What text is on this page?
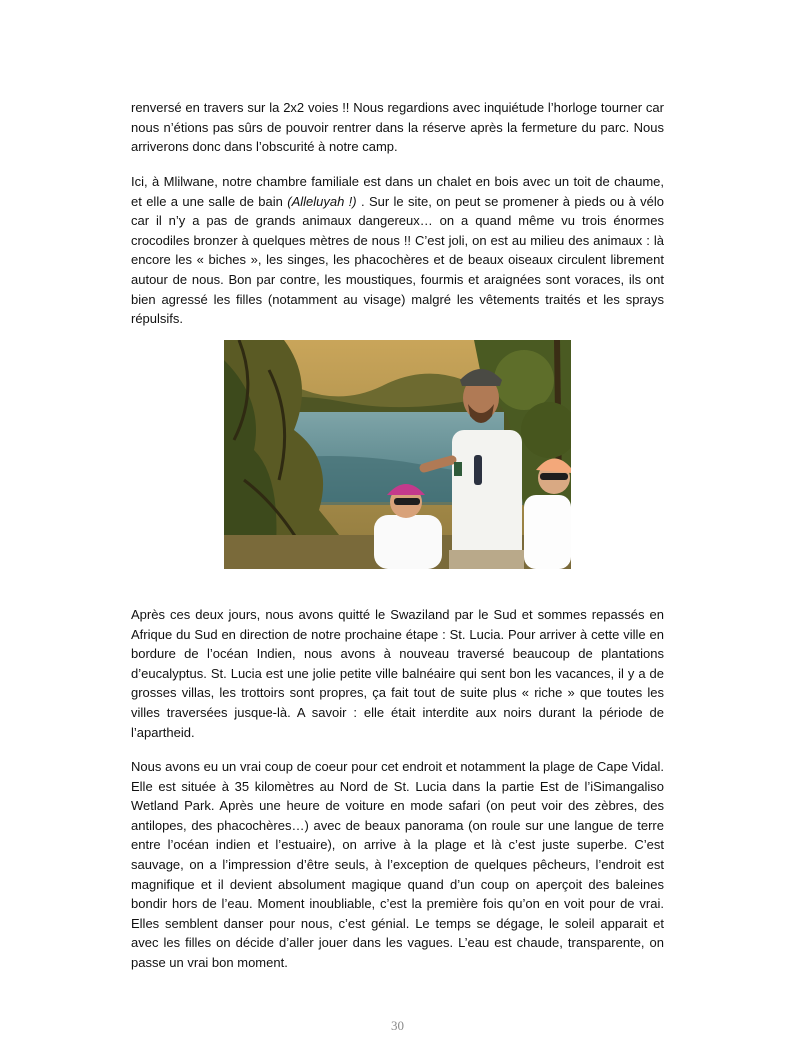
renversé en travers sur la 2x2 voies !! Nous regardions avec inquiétude l’horloge tourner car nous n’étions pas sûrs de pouvoir rentrer dans la réserve après la fermeture du parc. Nous arriverons donc dans l’obscurité à notre camp.

Ici, à Mlilwane, notre chambre familiale est dans un chalet en bois avec un toit de chaume, et elle a une salle de bain (Alleluyah !) . Sur le site, on peut se promener à pieds ou à vélo car il n’y a pas de grands animaux dangereux… on a quand même vu trois énormes crocodiles bronzer à quelques mètres de nous !! C’est joli, on est au milieu des animaux : là encore les « biches », les singes, les phacochères et de beaux oiseaux circulent librement autour de nous. Bon par contre, les moustiques, fourmis et araignées sont voraces, ils ont bien agressé les filles (notamment au visage) malgré les vêtements traités et les sprays répulsifs.

Après ces deux jours, nous avons quitté le Swaziland par le Sud et sommes repassés en Afrique du Sud en direction de notre prochaine étape : St. Lucia. Pour arriver à cette ville en bordure de l’océan Indien, nous avons à nouveau traversé beaucoup de plantations d’eucalyptus. St. Lucia est une jolie petite ville balnéaire qui sent bon les vacances, il y a de grosses villas, les trottoirs sont propres, ça fait tout de suite plus « riche » que toutes les villes traversées jusque-là. A savoir : elle était interdite aux noirs durant la période de l’apartheid.

Nous avons eu un vrai coup de coeur pour cet endroit et notamment la plage de Cape Vidal. Elle est située à 35 kilomètres au Nord de St. Lucia dans la partie Est de l’iSimangaliso Wetland Park. Après une heure de voiture en mode safari (on peut voir des zèbres, des antilopes, des phacochères…) avec de beaux panorama (on roule sur une langue de terre entre l’océan indien et l’estuaire), on arrive à la plage et là c’est juste superbe. C’est sauvage, on a l’impression d’être seuls, à l’exception de quelques pêcheurs, l’endroit est magnifique et il devient absolument magique quand d’un coup on aperçoit des baleines bondir hors de l’eau. Moment inoubliable, c’est la première fois qu’on en voit pour de vrai. Elles semblent danser pour nous, c’est génial. Le temps se dégage, le soleil apparait et avec les filles on décide d’aller jouer dans les vagues. L’eau est chaude, transparente, on passe un vrai bon moment.

30
